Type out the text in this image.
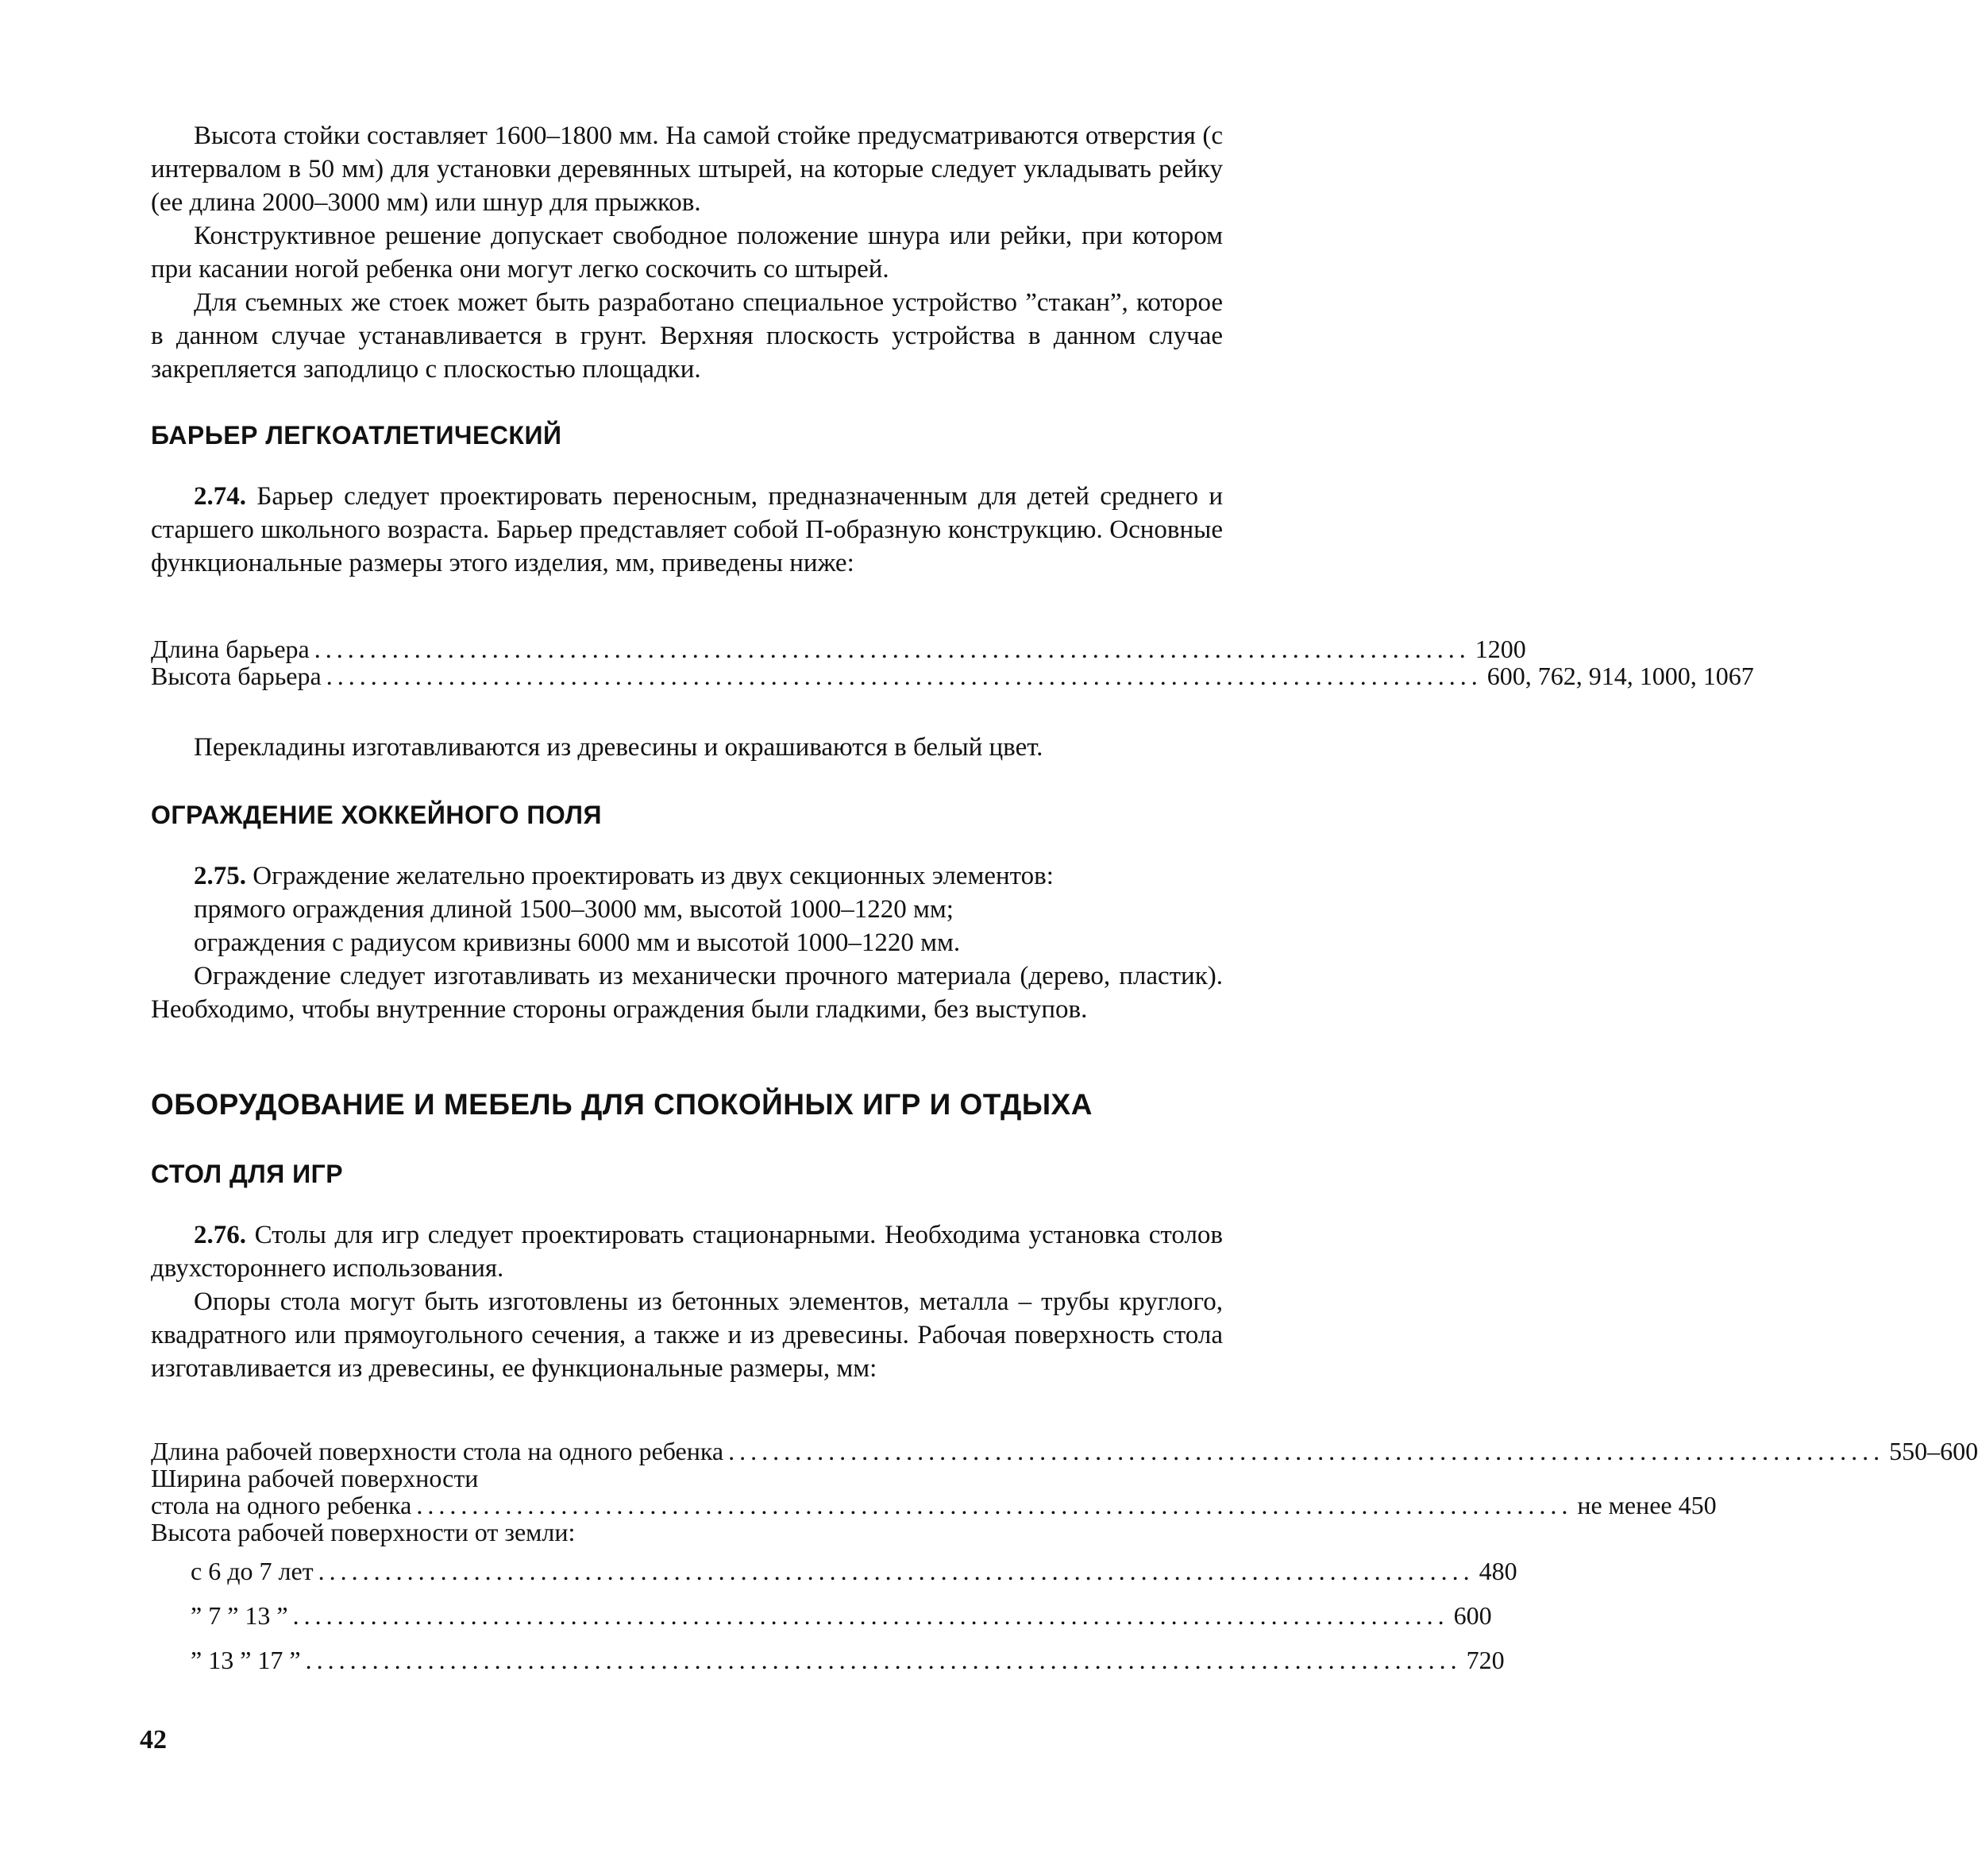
Высота стойки составляет 1600–1800 мм. На самой стойке предусматриваются отверстия (с интервалом в 50 мм) для установки деревянных штырей, на которые следует укладывать рейку (ее длина 2000–3000 мм) или шнур для прыжков.

Конструктивное решение допускает свободное положение шнура или рейки, при котором при касании ногой ребенка они могут легко соскочить со штырей.

Для съемных же стоек может быть разработано специальное устройство ”стакан”, которое в данном случае устанавливается в грунт. Верхняя плоскость устройства в данном случае закрепляется заподлицо с плоскостью площадки.

БАРЬЕР ЛЕГКОАТЛЕТИЧЕСКИЙ

2.74. Барьер следует проектировать переносным, предназначенным для детей среднего и старшего школьного возраста. Барьер представляет собой П-образную конструкцию. Основные функциональные размеры этого изделия, мм, приведены ниже:

Длина барьера ........................................................................................................ 1200
Высота барьера ........................................................................................................ 600, 762, 914, 1000, 1067

Перекладины изготавливаются из древесины и окрашиваются в белый цвет.

ОГРАЖДЕНИЕ ХОККЕЙНОГО ПОЛЯ

2.75. Ограждение желательно проектировать из двух секционных элементов:

прямого ограждения длиной 1500–3000 мм, высотой 1000–1220 мм;

ограждения с радиусом кривизны 6000 мм и высотой 1000–1220 мм.

Ограждение следует изготавливать из механически прочного материала (дерево, пластик). Необходимо, чтобы внутренние стороны ограждения были гладкими, без выступов.

ОБОРУДОВАНИЕ И МЕБЕЛЬ ДЛЯ СПОКОЙНЫХ ИГР И ОТДЫХА
СТОЛ ДЛЯ ИГР

2.76. Столы для игр следует проектировать стационарными. Необходима установка столов двухстороннего использования.

Опоры стола могут быть изготовлены из бетонных элементов, металла – трубы круглого, квадратного или прямоугольного сечения, а также и из древесины. Рабочая поверхность стола изготавливается из древесины, ее функциональные размеры, мм:

Длина рабочей поверхности стола на одного ребенка ........................................................................................................ 550–600
Ширина рабочей поверхности
стола на одного ребенка ........................................................................................................ не менее 450
Высота рабочей поверхности от земли:
с 6 до 7 лет ........................................................................................................ 480
” 7 ” 13 ” ........................................................................................................ 600
” 13 ” 17 ” ........................................................................................................ 720
42
